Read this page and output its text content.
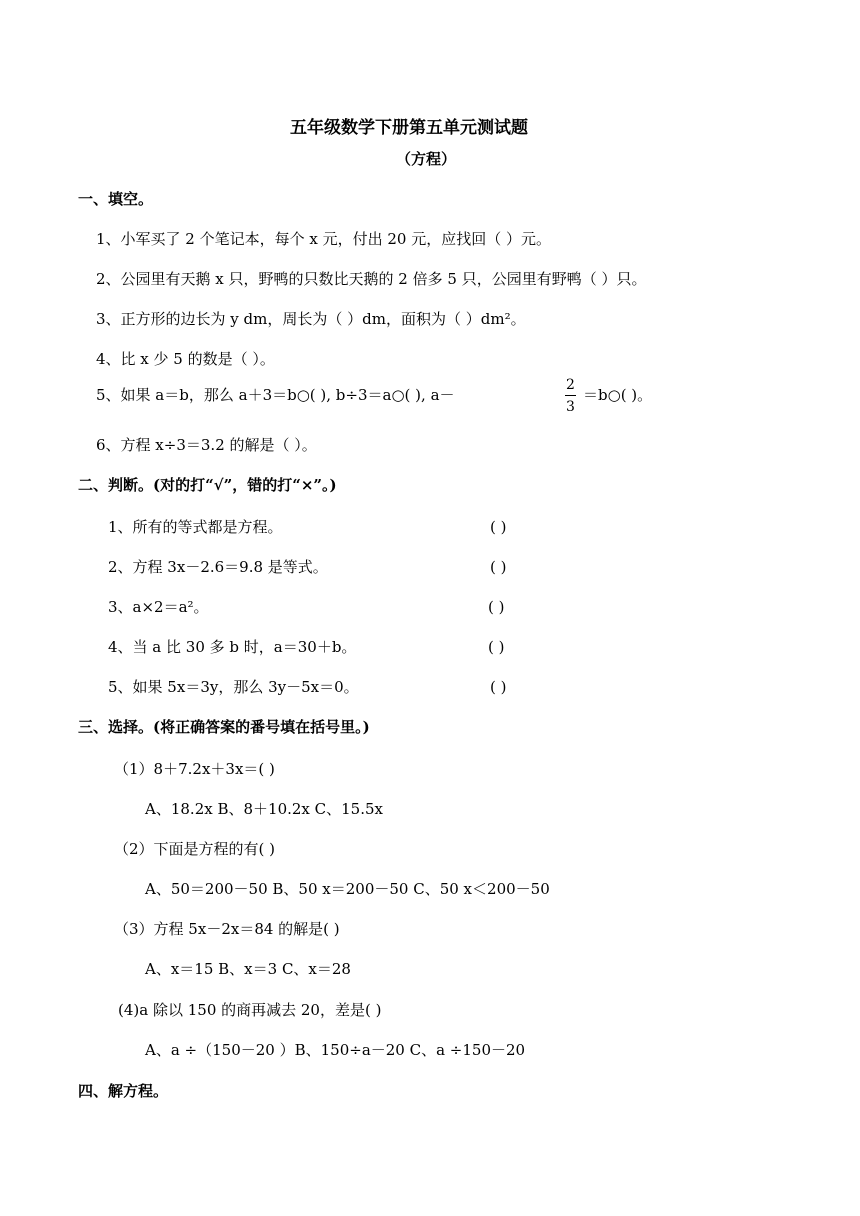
五年级数学下册第五单元测试题
（方程）
一、填空。
1、小军买了 2 个笔记本，每个 x 元，付出 20 元，应找回（ ）元。
2、公园里有天鹅 x 只，野鸭的只数比天鹅的 2 倍多 5 只，公园里有野鸭（ ）只。
3、正方形的边长为 y dm，周长为（ ）dm，面积为（ ）dm²。
4、比 x 少 5 的数是（ ）。
5、如果 a＝b，那么 a＋3＝b○( ), b÷3＝a○( ), a－	$\frac{2}{3}$ ＝b○( )。
6、方程 x÷3＝3.2 的解是（ ）。
二、判断。(对的打“√”，错的打“×”。)
1、所有的等式都是方程。	( )
2、方程 3x－2.6＝9.8 是等式。	( )
3、a×2＝a²。	( )
4、当 a 比 30 多 b 时，a＝30＋b。	( )
5、如果 5x＝3y，那么 3y－5x＝0。	( )
三、选择。(将正确答案的番号填在括号里。)
（1）8＋7.2x＋3x＝( )
A、18.2x B、8＋10.2x C、15.5x
（2）下面是方程的有( )
A、50＝200－50 B、50 x＝200－50 C、50 x＜200－50
（3）方程 5x－2x＝84 的解是( )
A、x＝15 B、x＝3 C、x＝28
(4)a 除以 150 的商再减去 20，差是( )
A、a ÷（150－20 ）B、150÷a－20 C、a ÷150－20
四、解方程。
